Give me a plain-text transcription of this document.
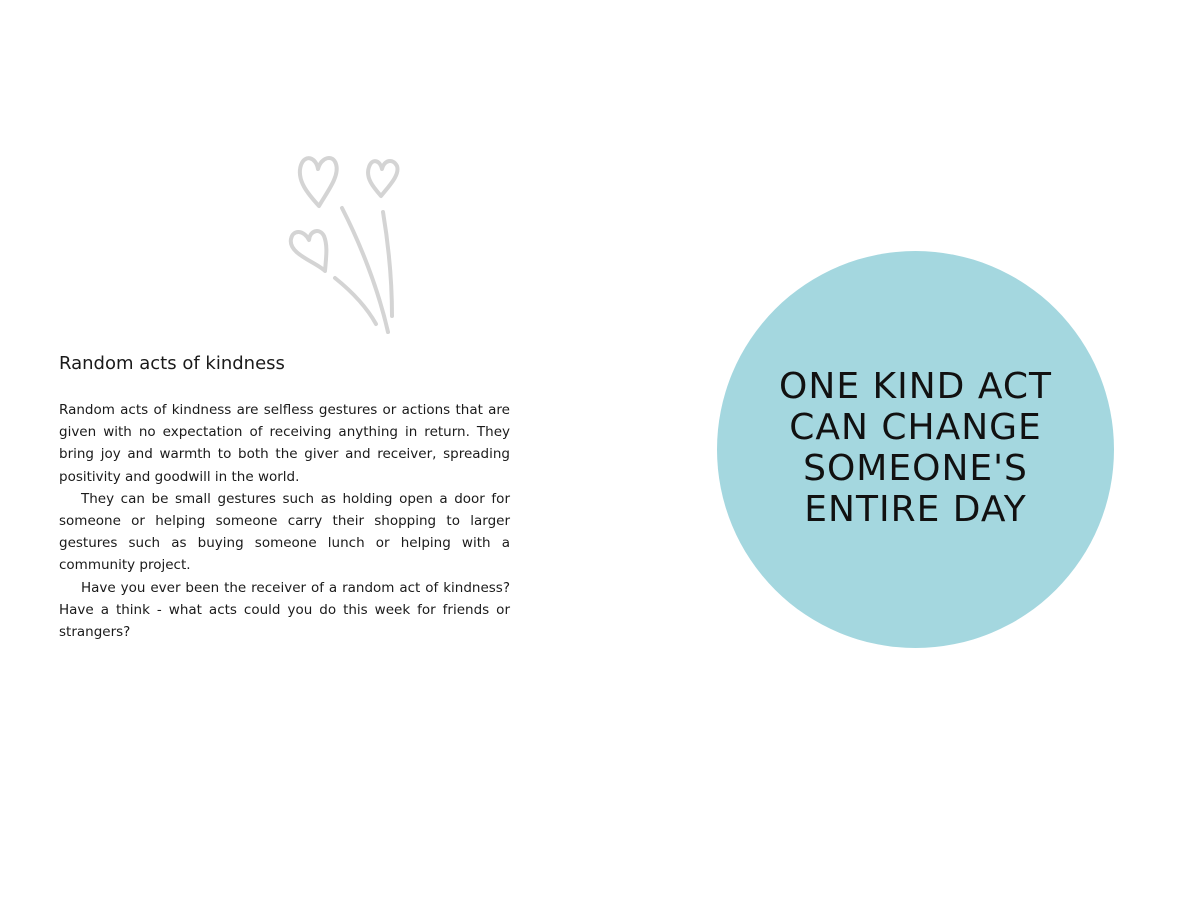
Random acts of kindness

Random acts of kindness are selfless gestures or actions that are given with no expectation of receiving anything in return. They bring joy and warmth to both the giver and receiver, spreading positivity and goodwill in the world.

They can be small gestures such as holding open a door for someone or helping someone carry their shopping to larger gestures such as buying someone lunch or helping with a community project.

Have you ever been the receiver of a random act of kindness? Have a think - what acts could you do this week for friends or strangers?

ONE KIND ACT
CAN CHANGE
SOMEONE'S
ENTIRE DAY
